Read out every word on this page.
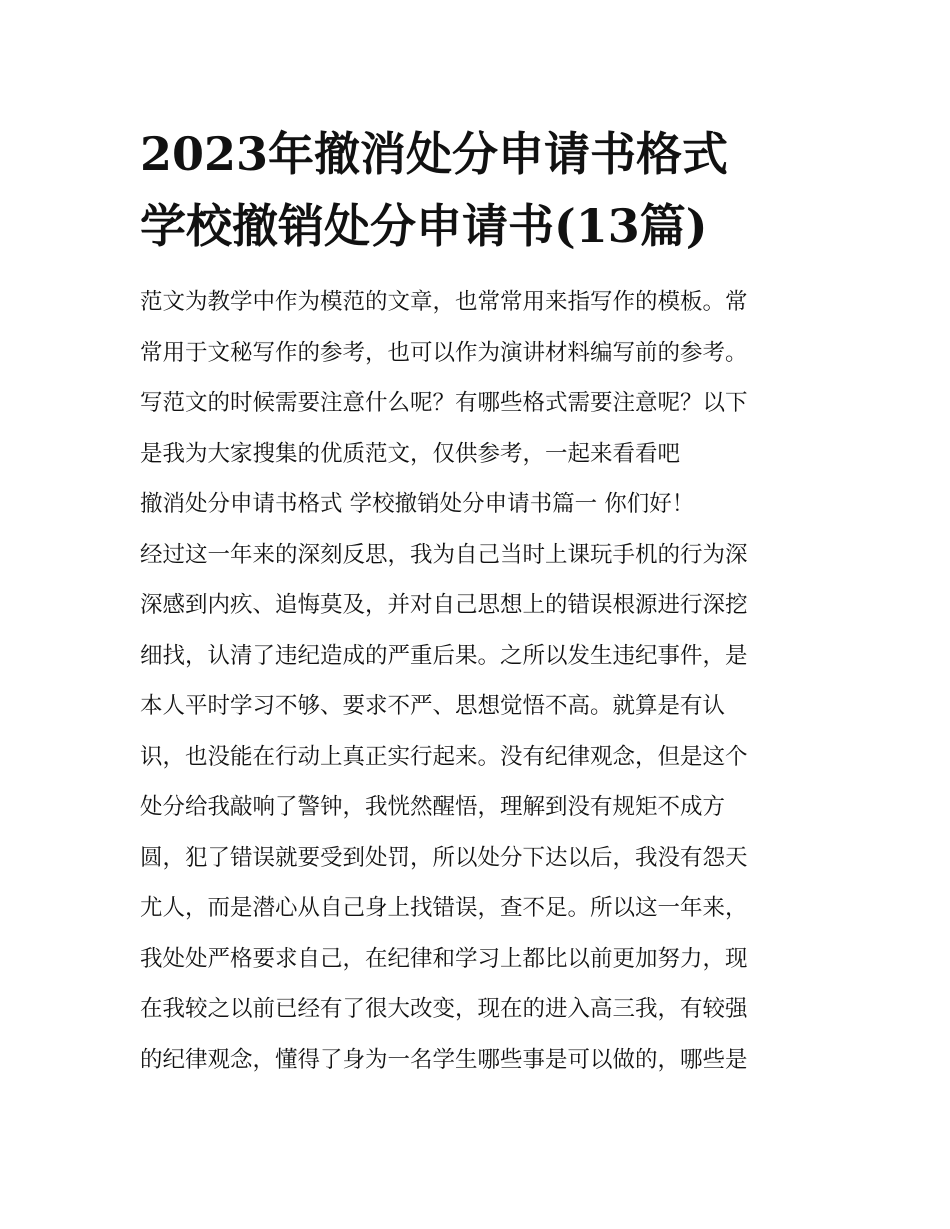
2023年撤消处分申请书格式
学校撤销处分申请书(13篇)
范文为教学中作为模范的文章，也常常用来指写作的模板。常
常用于文秘写作的参考，也可以作为演讲材料编写前的参考。
写范文的时候需要注意什么呢？有哪些格式需要注意呢？以下
是我为大家搜集的优质范文，仅供参考，一起来看看吧
撤消处分申请书格式 学校撤销处分申请书篇一 你们好！
经过这一年来的深刻反思，我为自己当时上课玩手机的行为深
深感到内疚、追悔莫及，并对自己思想上的错误根源进行深挖
细找，认清了违纪造成的严重后果。之所以发生违纪事件，是
本人平时学习不够、要求不严、思想觉悟不高。就算是有认
识，也没能在行动上真正实行起来。没有纪律观念，但是这个
处分给我敲响了警钟，我恍然醒悟，理解到没有规矩不成方
圆，犯了错误就要受到处罚，所以处分下达以后，我没有怨天
尤人，而是潜心从自己身上找错误，查不足。所以这一年来，
我处处严格要求自己，在纪律和学习上都比以前更加努力，现
在我较之以前已经有了很大改变，现在的进入高三我，有较强
的纪律观念，懂得了身为一名学生哪些事是可以做的，哪些是
